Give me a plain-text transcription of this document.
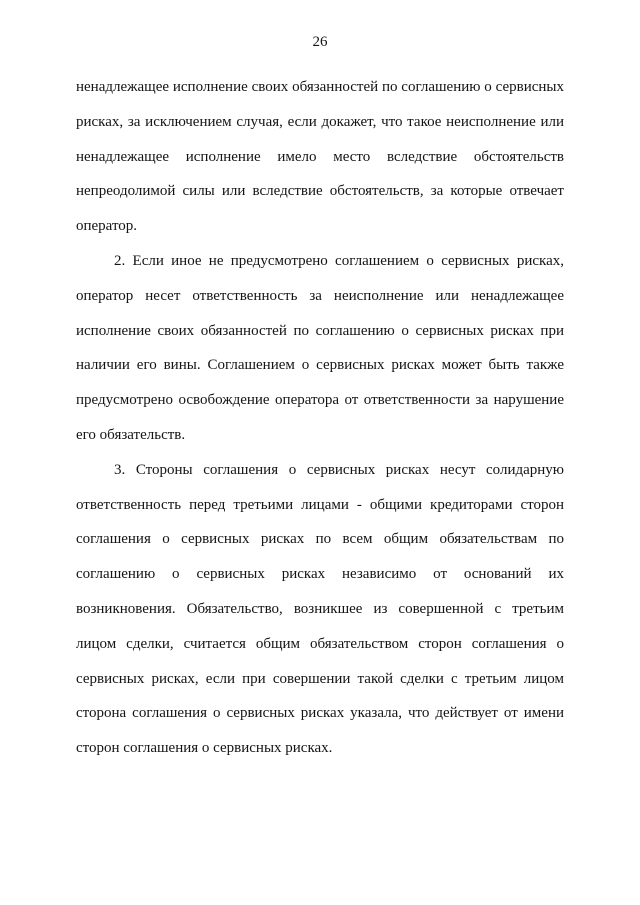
26

ненадлежащее исполнение своих обязанностей по соглашению о сервисных рисках, за исключением случая, если докажет, что такое неисполнение или ненадлежащее исполнение имело место вследствие обстоятельств непреодолимой силы или вследствие обстоятельств, за которые отвечает оператор.

2. Если иное не предусмотрено соглашением о сервисных рисках, оператор несет ответственность за неисполнение или ненадлежащее исполнение своих обязанностей по соглашению о сервисных рисках при наличии его вины. Соглашением о сервисных рисках может быть также предусмотрено освобождение оператора от ответственности за нарушение его обязательств.

3. Стороны соглашения о сервисных рисках несут солидарную ответственность перед третьими лицами - общими кредиторами сторон соглашения о сервисных рисках по всем общим обязательствам по соглашению о сервисных рисках независимо от оснований их возникновения. Обязательство, возникшее из совершенной с третьим лицом сделки, считается общим обязательством сторон соглашения о сервисных рисках, если при совершении такой сделки с третьим лицом сторона соглашения о сервисных рисках указала, что действует от имени сторон соглашения о сервисных рисках.
